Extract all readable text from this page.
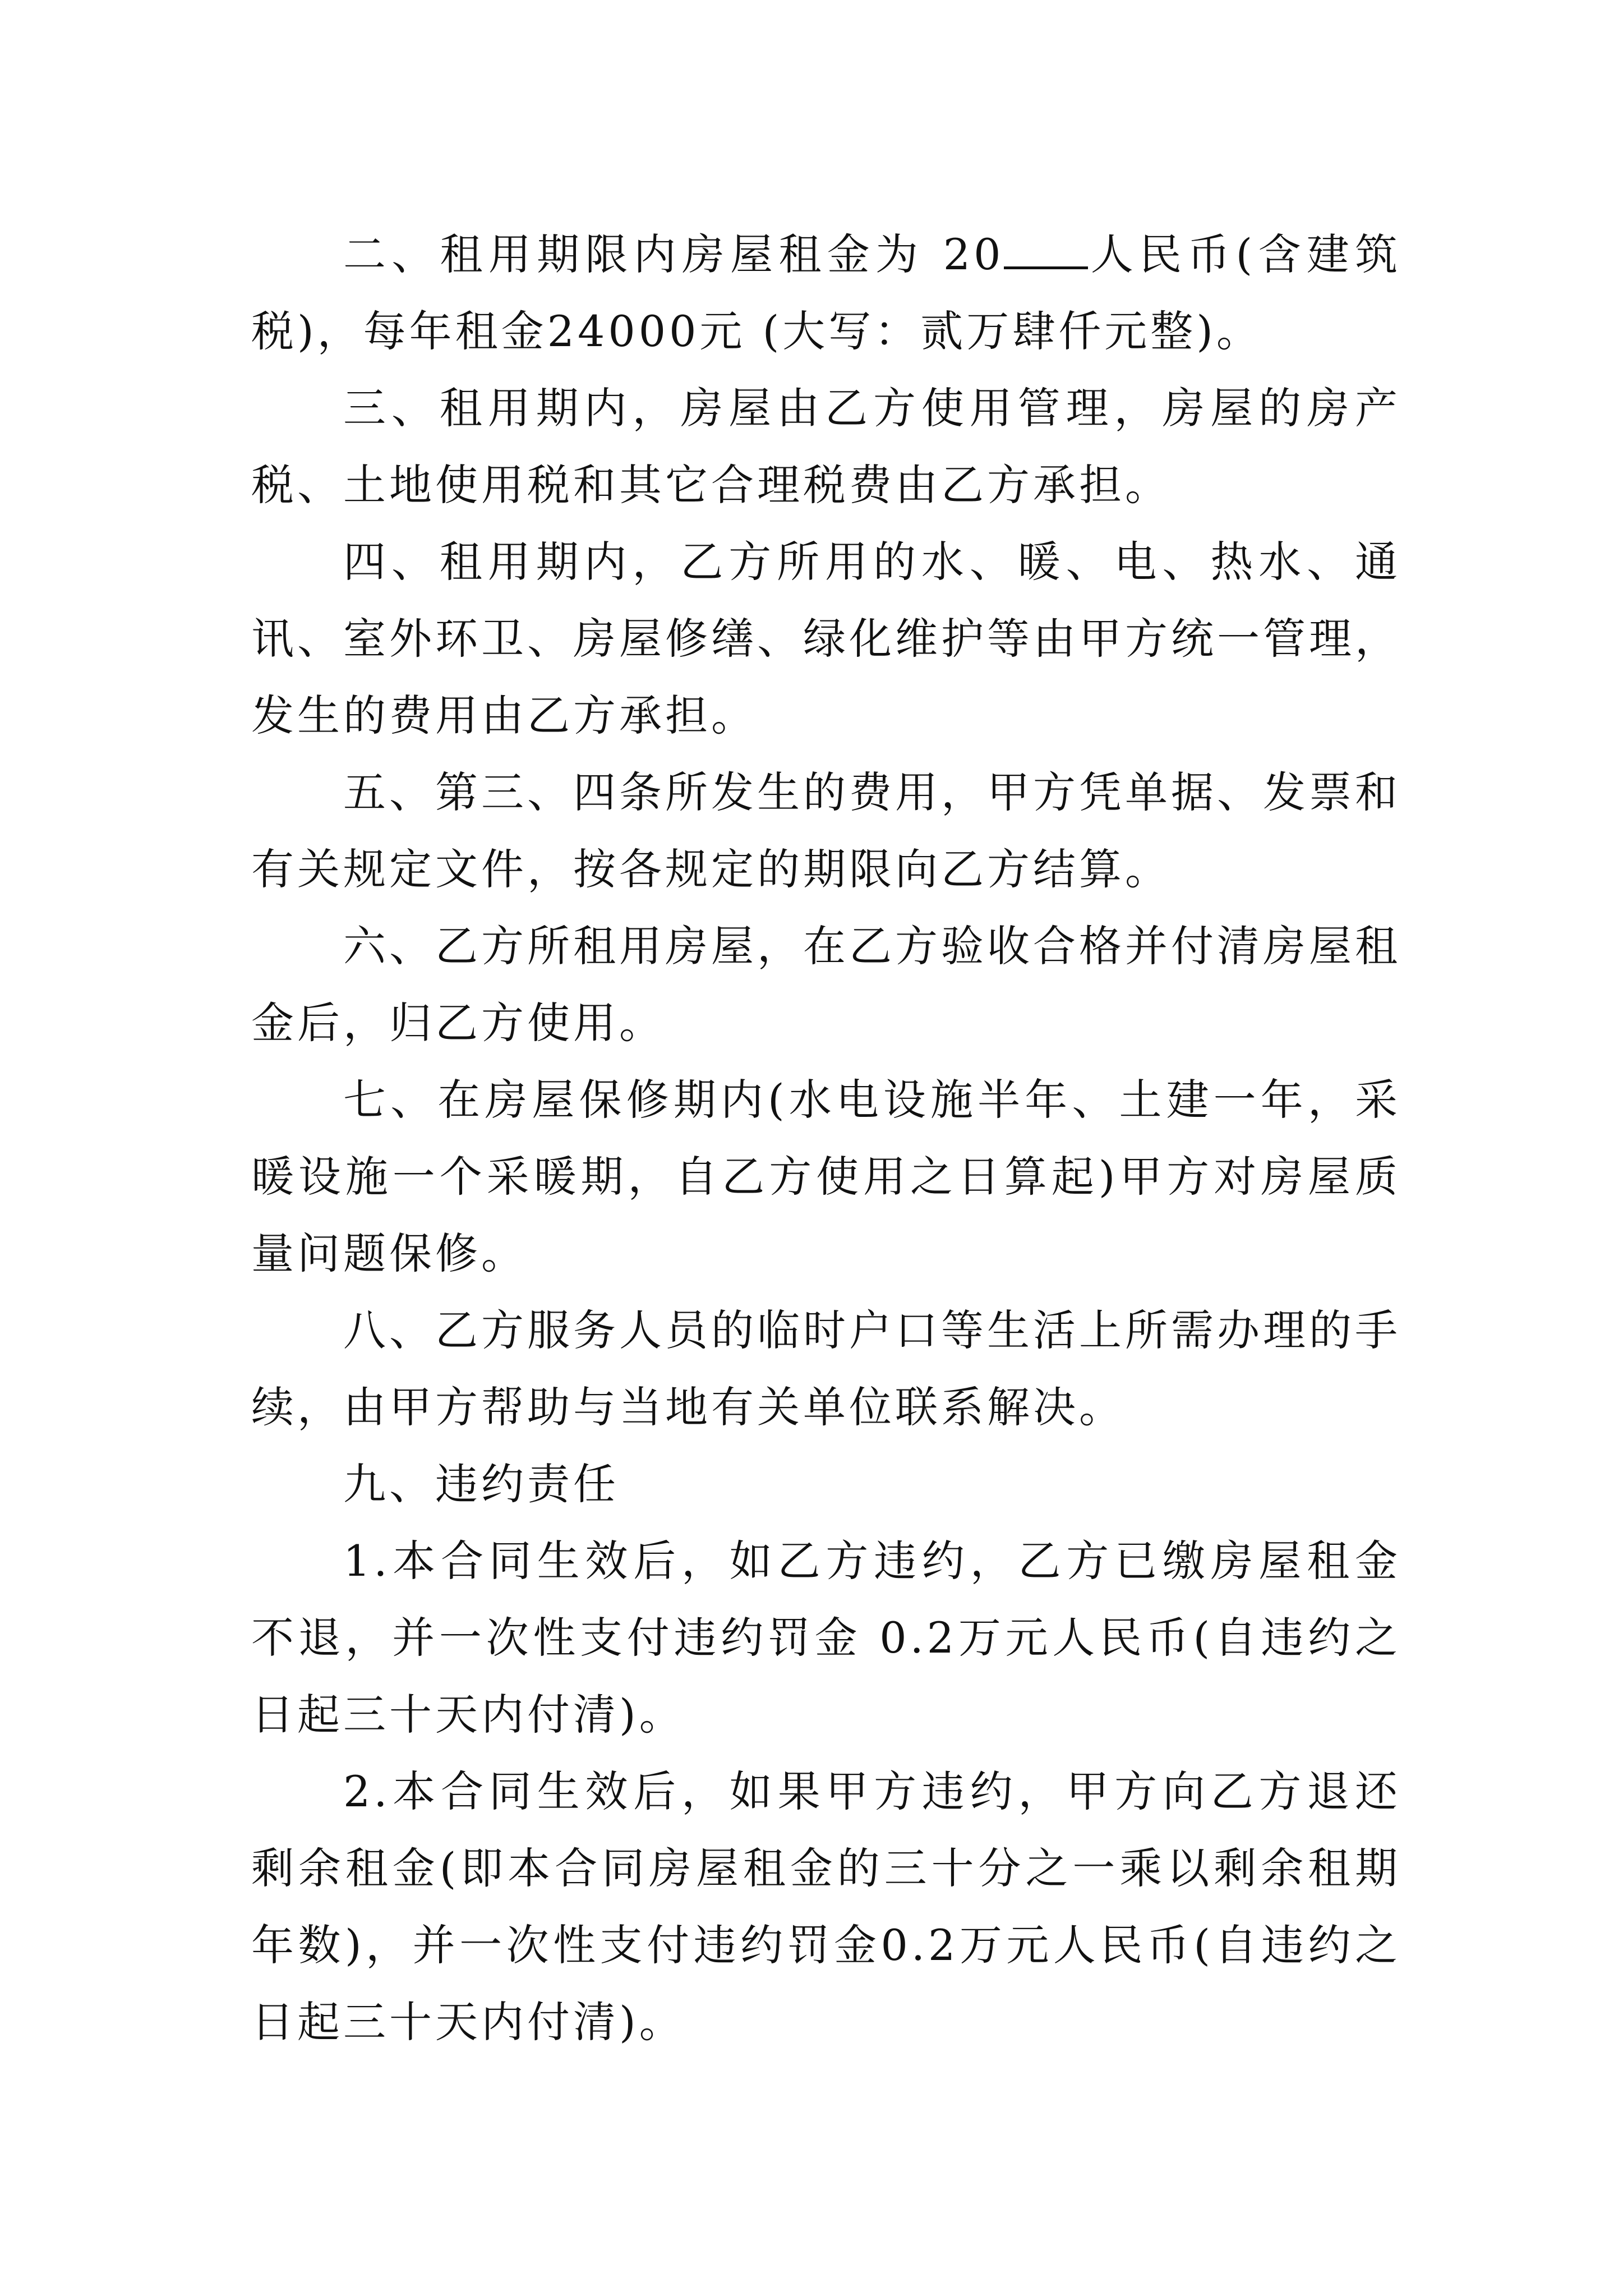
二、租用期限内房屋租金为 20 人民币(含建筑税)，每年租金24000元 (大写：贰万肆仟元整)。

三、租用期内，房屋由乙方使用管理，房屋的房产税、土地使用税和其它合理税费由乙方承担。

四、租用期内，乙方所用的水、暖、电、热水、通讯、室外环卫、房屋修缮、绿化维护等由甲方统一管理，发生的费用由乙方承担。

五、第三、四条所发生的费用，甲方凭单据、发票和有关规定文件，按各规定的期限向乙方结算。

六、乙方所租用房屋，在乙方验收合格并付清房屋租金后，归乙方使用。

七、在房屋保修期内(水电设施半年、土建一年，采暖设施一个采暖期，自乙方使用之日算起)甲方对房屋质量问题保修。

八、乙方服务人员的临时户口等生活上所需办理的手续，由甲方帮助与当地有关单位联系解决。

九、违约责任

1.本合同生效后，如乙方违约，乙方已缴房屋租金不退，并一次性支付违约罚金 0.2万元人民币(自违约之日起三十天内付清)。

2.本合同生效后，如果甲方违约，甲方向乙方退还剩余租金(即本合同房屋租金的三十分之一乘以剩余租期年数)，并一次性支付违约罚金0.2万元人民币(自违约之日起三十天内付清)。
